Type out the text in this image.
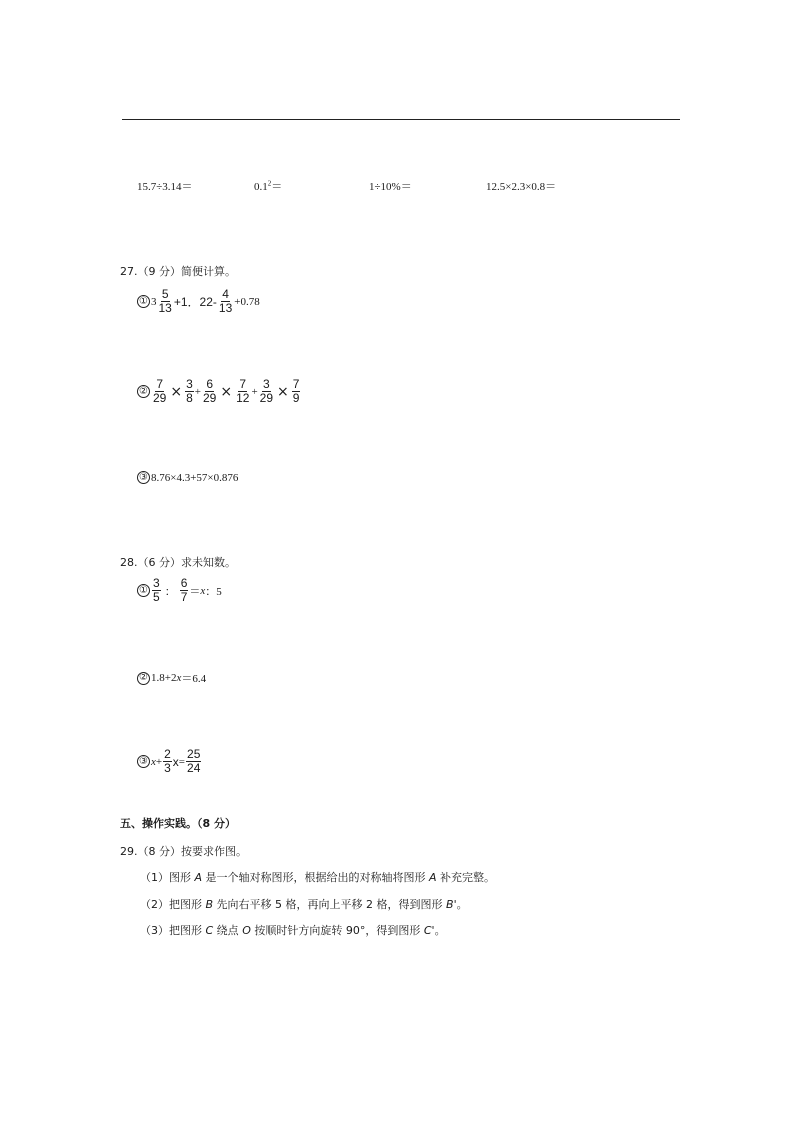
15.7÷3.14＝	$0.1^2=$	1÷10%＝	12.5×2.3×0.8＝
27.（9 分）简便计算。
① $3 \frac{5}{13} +1$．$22- \frac{4}{13} +0.78$
② $\frac{7}{29} \times \frac{3}{8} + \frac{6}{29} \times \frac{7}{12} + \frac{3}{29} \times \frac{7}{9}$
③ 8.76×4.3+57×0.876
28.（6 分）求未知数。
① $\frac{3}{5}$ ： $\frac{6}{7} = x$ ：5
② 1.8+2 x ＝6.4
③ $x + \frac{2}{3}$ $x = \frac{25}{24}$
五、操作实践。（8 分）
29.（8 分）按要求作图。
（1）图形 A 是一个轴对称图形，根据给出的对称轴将图形 A 补充完整。
（2）把图形 B 先向右平移 5 格，再向上平移 2 格，得到图形 B'。
（3）把图形 C 绕点 O 按顺时针方向旋转 90°，得到图形 C'。
